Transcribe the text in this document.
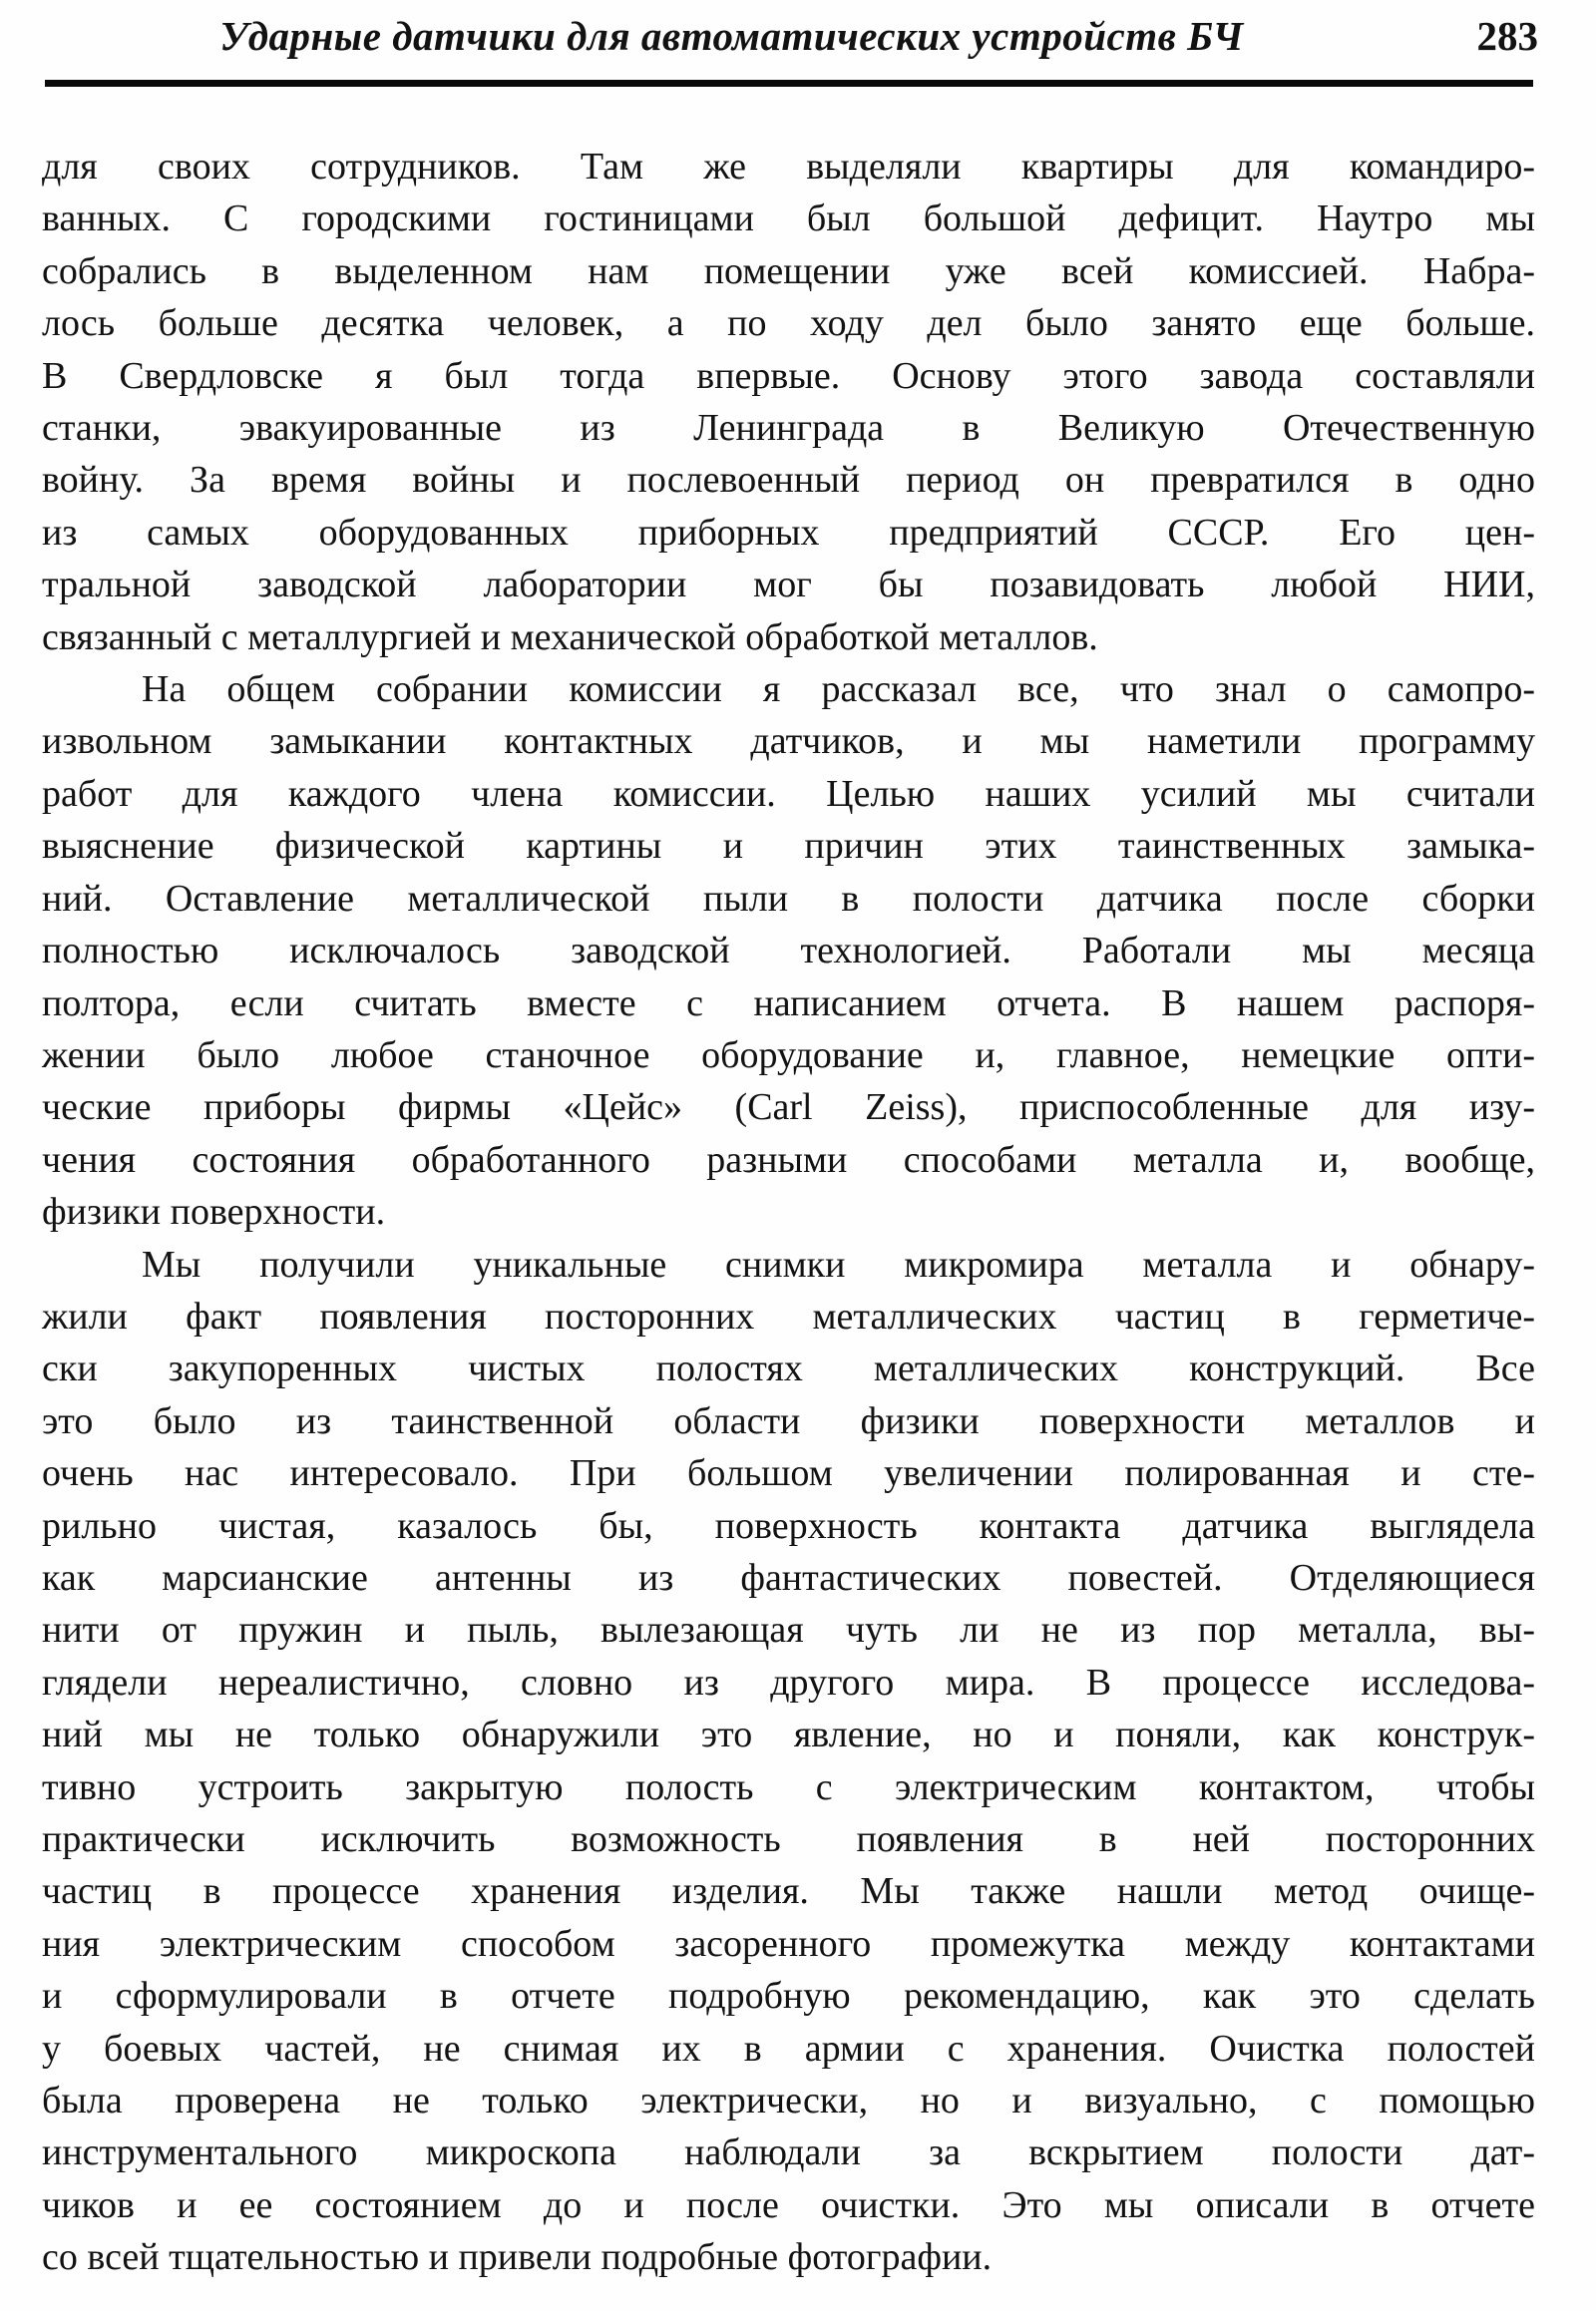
Ударные датчики для автоматических устройств БЧ	283
для своих сотрудников. Там же выделяли квартиры для командиро-
ванных. С городскими гостиницами был большой дефицит. Наутро мы
собрались в выделенном нам помещении уже всей комиссией. Набра-
лось больше десятка человек, а по ходу дел было занято еще больше.
В Свердловске я был тогда впервые. Основу этого завода составляли
станки, эвакуированные из Ленинграда в Великую Отечественную
войну. За время войны и послевоенный период он превратился в одно
из самых оборудованных приборных предприятий СССР. Его цен-
тральной заводской лаборатории мог бы позавидовать любой НИИ,
связанный с металлургией и механической обработкой металлов.
На общем собрании комиссии я рассказал все, что знал о самопро-
извольном замыкании контактных датчиков, и мы наметили программу
работ для каждого члена комиссии. Целью наших усилий мы считали
выяснение физической картины и причин этих таинственных замыка-
ний. Оставление металлической пыли в полости датчика после сборки
полностью исключалось заводской технологией. Работали мы месяца
полтора, если считать вместе с написанием отчета. В нашем распоря-
жении было любое станочное оборудование и, главное, немецкие опти-
ческие приборы фирмы «Цейс» (Carl Zeiss), приспособленные для изу-
чения состояния обработанного разными способами металла и, вообще,
физики поверхности.
Мы получили уникальные снимки микромира металла и обнару-
жили факт появления посторонних металлических частиц в герметиче-
ски закупоренных чистых полостях металлических конструкций. Все
это было из таинственной области физики поверхности металлов и
очень нас интересовало. При большом увеличении полированная и сте-
рильно чистая, казалось бы, поверхность контакта датчика выглядела
как марсианские антенны из фантастических повестей. Отделяющиеся
нити от пружин и пыль, вылезающая чуть ли не из пор металла, вы-
глядели нереалистично, словно из другого мира. В процессе исследова-
ний мы не только обнаружили это явление, но и поняли, как конструк-
тивно устроить закрытую полость с электрическим контактом, чтобы
практически исключить возможность появления в ней посторонних
частиц в процессе хранения изделия. Мы также нашли метод очище-
ния электрическим способом засоренного промежутка между контактами
и сформулировали в отчете подробную рекомендацию, как это сделать
у боевых частей, не снимая их в армии с хранения. Очистка полостей
была проверена не только электрически, но и визуально, с помощью
инструментального микроскопа наблюдали за вскрытием полости дат-
чиков и ее состоянием до и после очистки. Это мы описали в отчете
со всей тщательностью и привели подробные фотографии.
